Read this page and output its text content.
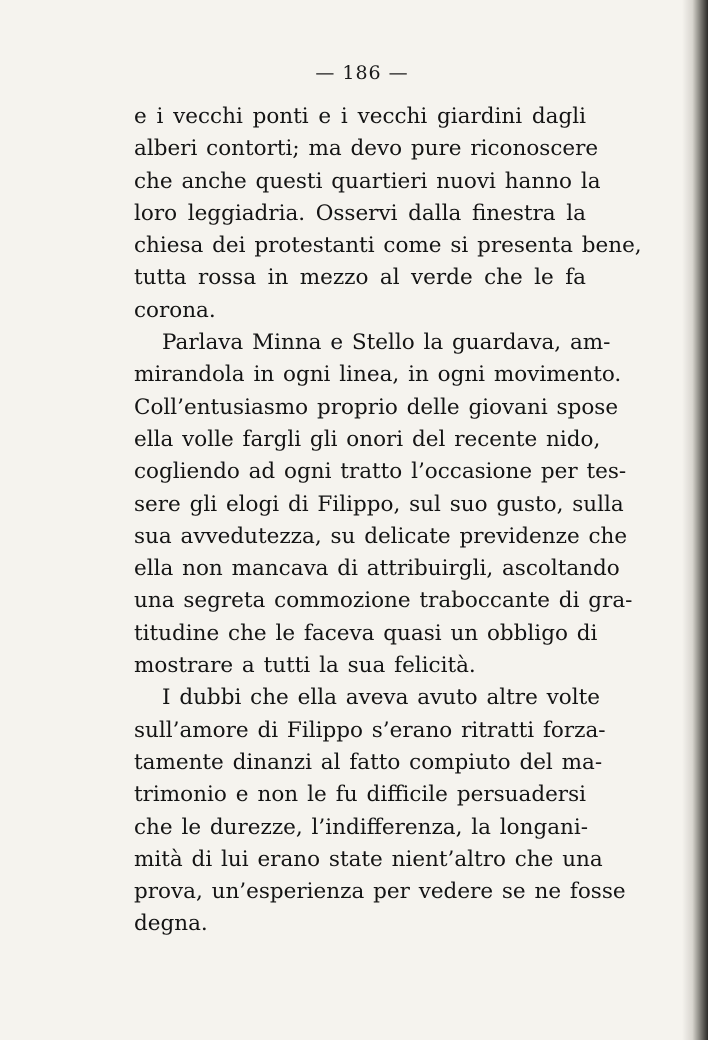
— 186 —

e i vecchi ponti e i vecchi giardini dagli
alberi contorti; ma devo pure riconoscere
che anche questi quartieri nuovi hanno la
loro leggiadria. Osservi dalla finestra la
chiesa dei protestanti come si presenta bene,
tutta rossa in mezzo al verde che le fa
corona.

Parlava Minna e Stello la guardava, am-
mirandola in ogni linea, in ogni movimento.
Coll’entusiasmo proprio delle giovani spose
ella volle fargli gli onori del recente nido,
cogliendo ad ogni tratto l’occasione per tes-
sere gli elogi di Filippo, sul suo gusto, sulla
sua avvedutezza, su delicate previdenze che
ella non mancava di attribuirgli, ascoltando
una segreta commozione traboccante di gra-
titudine che le faceva quasi un obbligo di
mostrare a tutti la sua felicità.

I dubbi che ella aveva avuto altre volte
sull’amore di Filippo s’erano ritratti forza-
tamente dinanzi al fatto compiuto del ma-
trimonio e non le fu difficile persuadersi
che le durezze, l’indifferenza, la longani-
mità di lui erano state nient’altro che una
prova, un’esperienza per vedere se ne fosse
degna.
